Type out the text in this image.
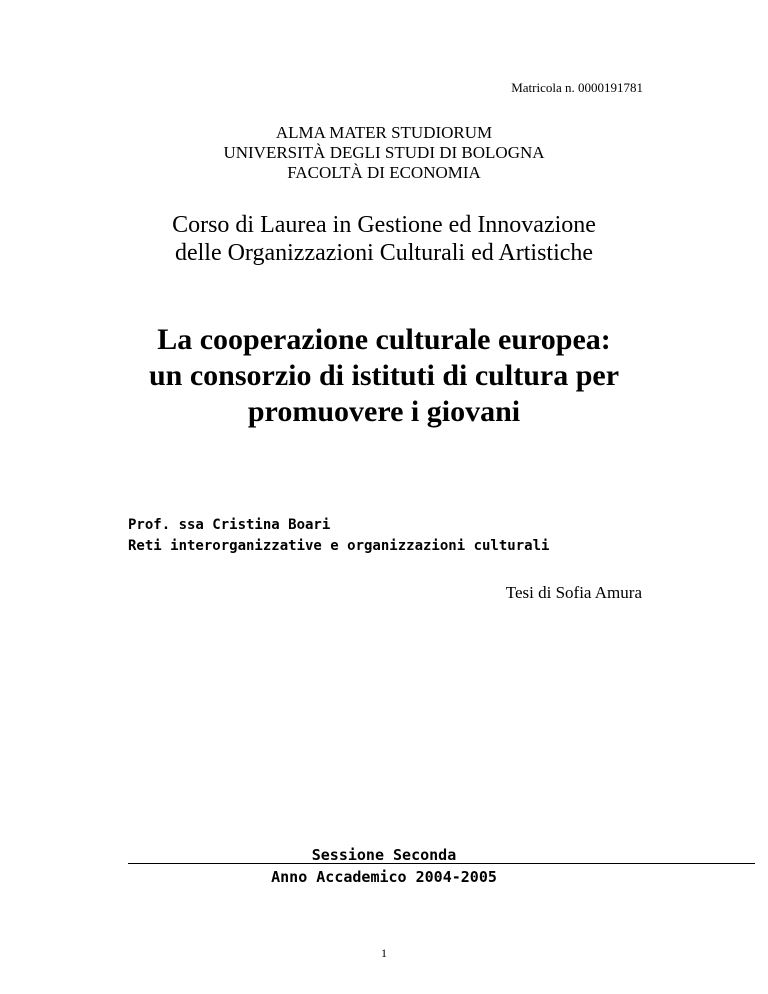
Matricola n. 0000191781
ALMA MATER STUDIORUM
UNIVERSITÀ DEGLI STUDI DI BOLOGNA
FACOLTÀ DI ECONOMIA
Corso di Laurea in Gestione ed Innovazione
delle Organizzazioni Culturali ed Artistiche
La cooperazione culturale europea:
un consorzio di istituti di cultura per
promuovere i giovani
Prof. ssa Cristina Boari
Reti interorganizzative e organizzazioni culturali
Tesi di Sofia Amura
Sessione Seconda
Anno Accademico 2004-2005
1
